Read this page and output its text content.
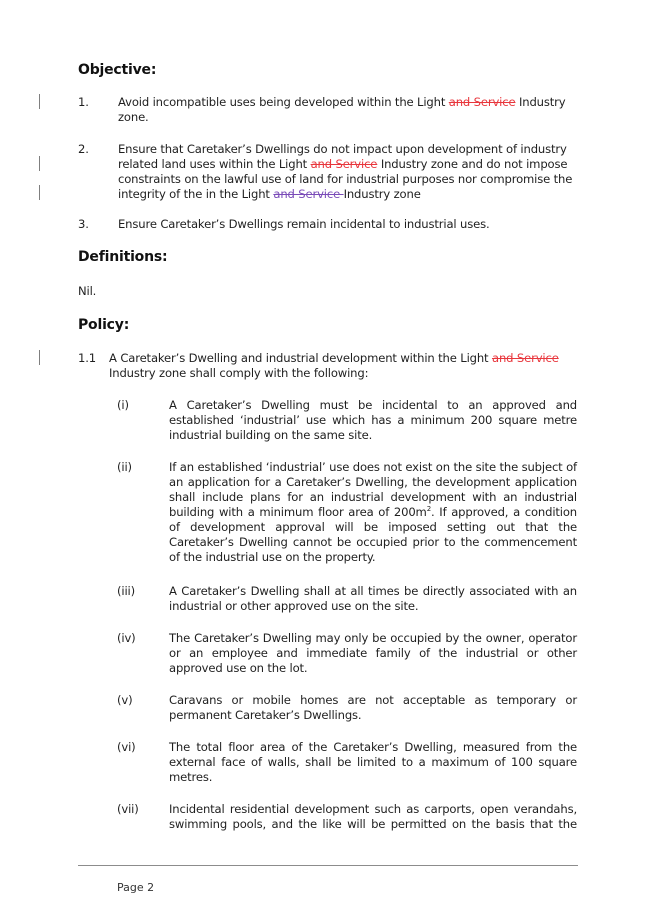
Objective:
1.	Avoid incompatible uses being developed within the Light and Service Industry zone.
2.	Ensure that Caretaker’s Dwellings do not impact upon development of industry related land uses within the Light and Service Industry zone and do not impose constraints on the lawful use of land for industrial purposes nor compromise the integrity of the in the Light and Service Industry zone
3.	Ensure Caretaker’s Dwellings remain incidental to industrial uses.
Definitions:
Nil.
Policy:
1.1 A Caretaker’s Dwelling and industrial development within the Light and Service Industry zone shall comply with the following:
(i)	A Caretaker’s Dwelling must be incidental to an approved and established ‘industrial’ use which has a minimum 200 square metre industrial building on the same site.
(ii)	If an established ‘industrial’ use does not exist on the site the subject of an application for a Caretaker’s Dwelling, the development application shall include plans for an industrial development with an industrial building with a minimum floor area of $200m^2$. If approved, a condition of development approval will be imposed setting out that the Caretaker’s Dwelling cannot be occupied prior to the commencement of the industrial use on the property.
(iii)	A Caretaker’s Dwelling shall at all times be directly associated with an industrial or other approved use on the site.
(iv)	The Caretaker’s Dwelling may only be occupied by the owner, operator or an employee and immediate family of the industrial or other approved use on the lot.
(v)	Caravans or mobile homes are not acceptable as temporary or permanent Caretaker’s Dwellings.
(vi)	The total floor area of the Caretaker’s Dwelling, measured from the external face of walls, shall be limited to a maximum of 100 square metres.
(vii)	Incidental residential development such as carports, open verandahs, swimming pools, and the like will be permitted on the basis that the
Page 2
